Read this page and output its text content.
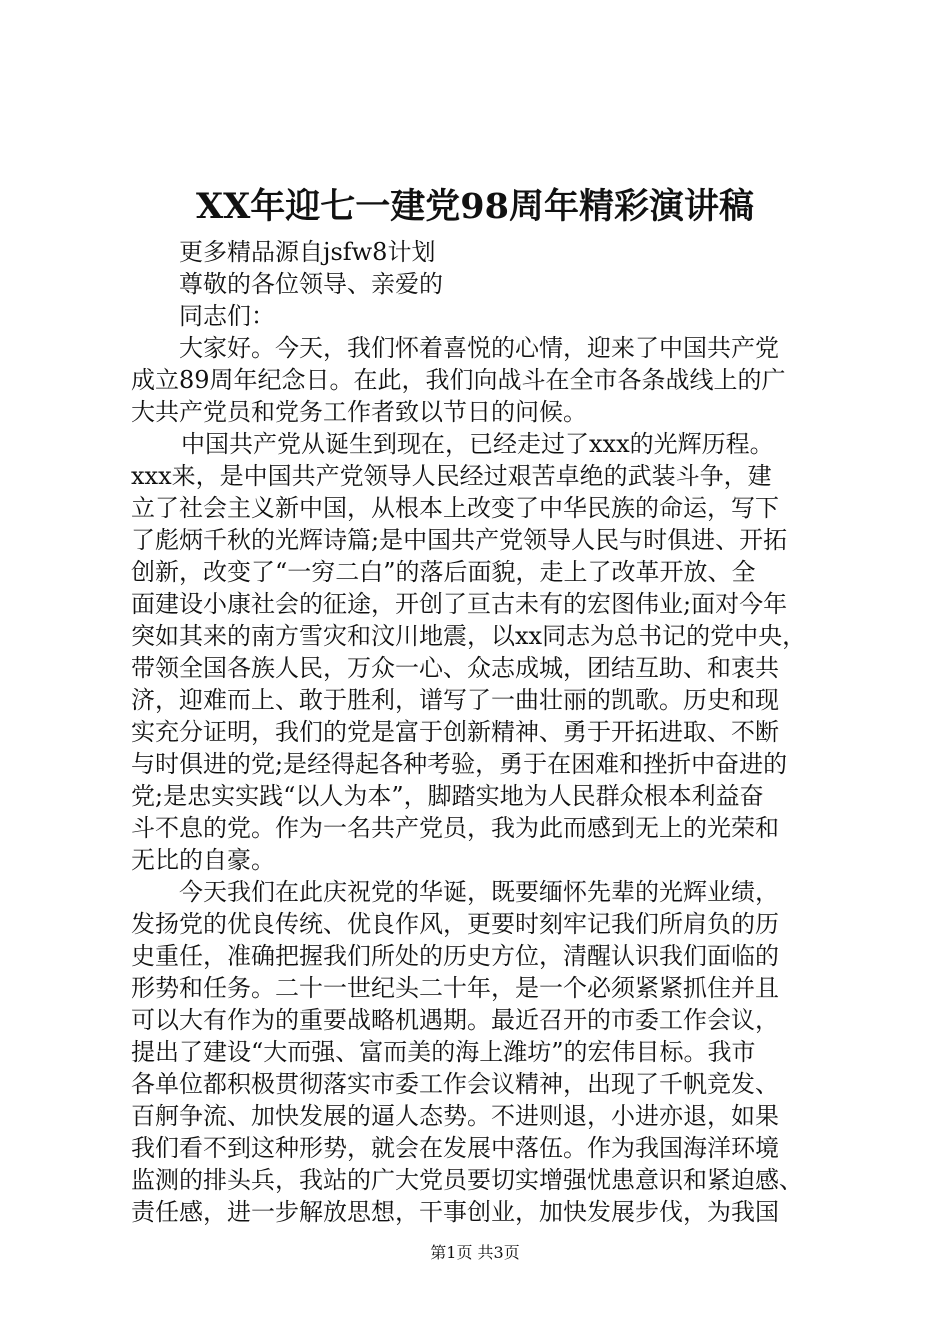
XX年迎七一建党98周年精彩演讲稿
更多精品源自jsfw8计划
尊敬的各位领导、亲爱的
同志们：
大家好。今天，我们怀着喜悦的心情，迎来了中国共产党
成立89周年纪念日。在此，我们向战斗在全市各条战线上的广
大共产党员和党务工作者致以节日的问候。
中国共产党从诞生到现在，已经走过了xxx的光辉历程。
xxx来，是中国共产党领导人民经过艰苦卓绝的武装斗争，建
立了社会主义新中国，从根本上改变了中华民族的命运，写下
了彪炳千秋的光辉诗篇;是中国共产党领导人民与时俱进、开拓
创新，改变了“一穷二白”的落后面貌，走上了改革开放、全
面建设小康社会的征途，开创了亘古未有的宏图伟业;面对今年
突如其来的南方雪灾和汶川地震，以xx同志为总书记的党中央，
带领全国各族人民，万众一心、众志成城，团结互助、和衷共
济，迎难而上、敢于胜利，谱写了一曲壮丽的凯歌。历史和现
实充分证明，我们的党是富于创新精神、勇于开拓进取、不断
与时俱进的党;是经得起各种考验，勇于在困难和挫折中奋进的
党;是忠实实践“以人为本”，脚踏实地为人民群众根本利益奋
斗不息的党。作为一名共产党员，我为此而感到无上的光荣和
无比的自豪。
今天我们在此庆祝党的华诞，既要缅怀先辈的光辉业绩，
发扬党的优良传统、优良作风，更要时刻牢记我们所肩负的历
史重任，准确把握我们所处的历史方位，清醒认识我们面临的
形势和任务。二十一世纪头二十年，是一个必须紧紧抓住并且
可以大有作为的重要战略机遇期。最近召开的市委工作会议，
提出了建设“大而强、富而美的海上潍坊”的宏伟目标。我市
各单位都积极贯彻落实市委工作会议精神，出现了千帆竞发、
百舸争流、加快发展的逼人态势。不进则退，小进亦退，如果
我们看不到这种形势，就会在发展中落伍。作为我国海洋环境
监测的排头兵，我站的广大党员要切实增强忧患意识和紧迫感、
责任感，进一步解放思想，干事创业，加快发展步伐，为我国
第1页 共3页
